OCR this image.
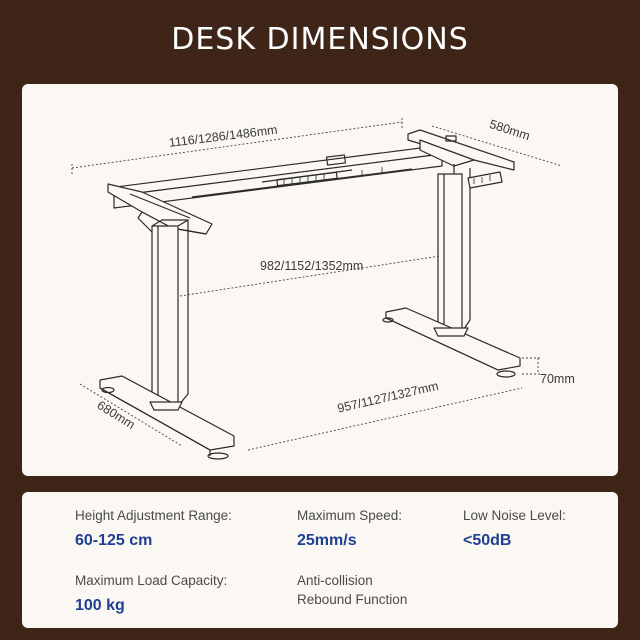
DESK DIMENSIONS
1116/1286/1486mm	580mm
982/1152/1352mm
957/1127/1327mm
680mm
70mm
Height Adjustment Range:
60-125 cm
Maximum Speed:
25mm/s
Low Noise Level:
<50dB
Maximum Load Capacity:
100 kg
Anti-collision
Rebound Function
